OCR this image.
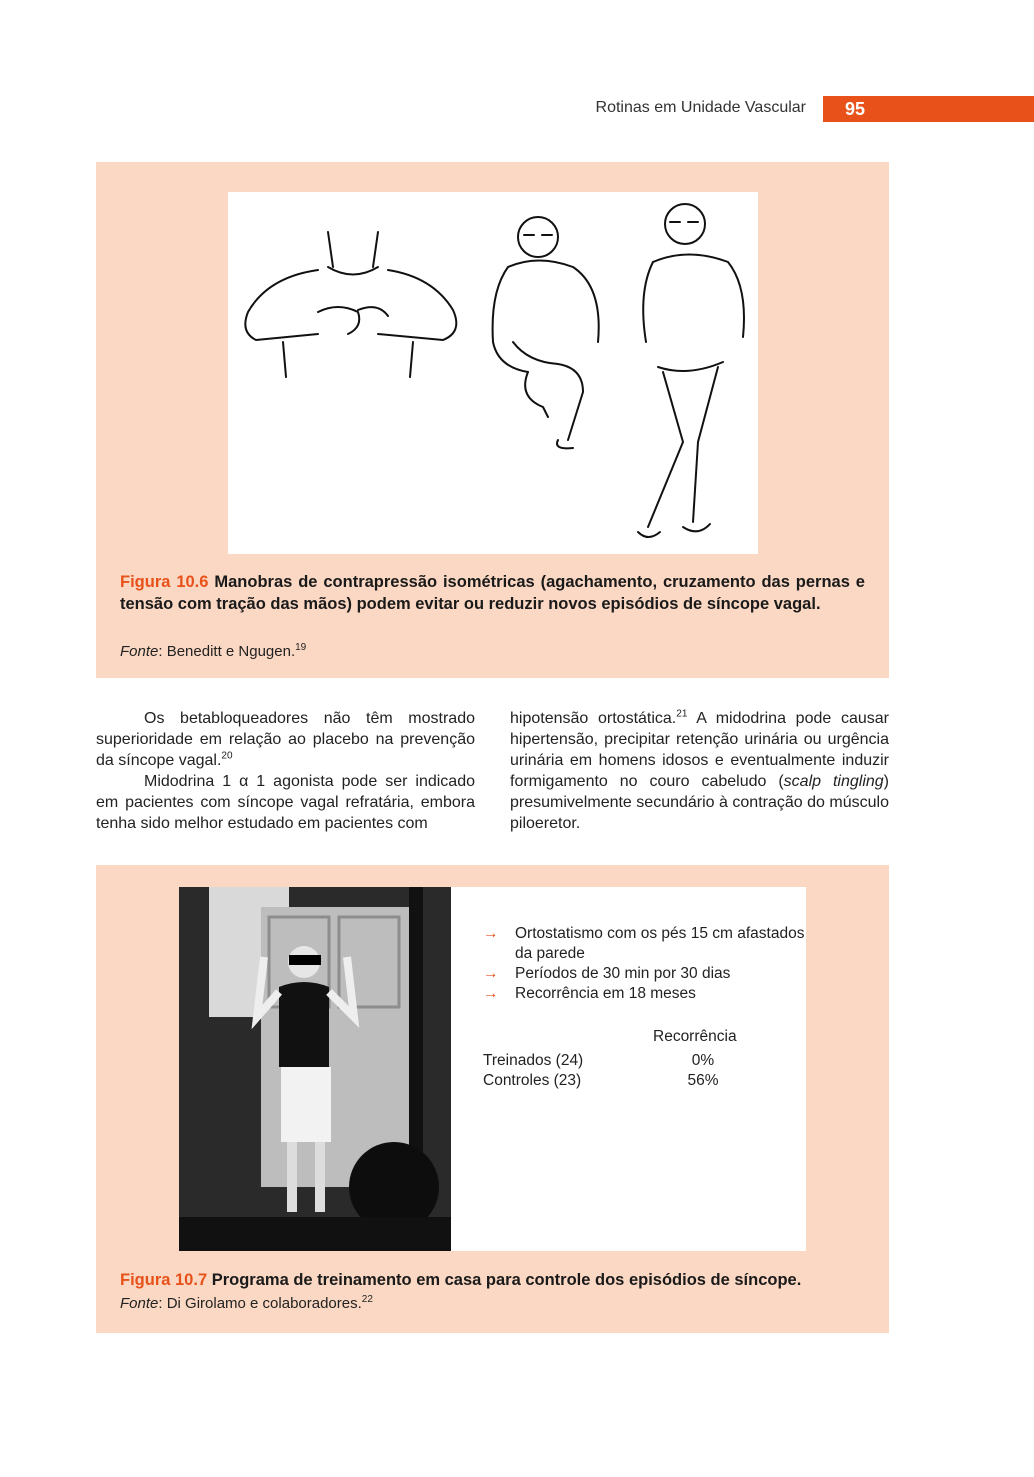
Rotinas em Unidade Vascular	95
Figura 10.6 Manobras de contrapressão isométricas (agachamento, cruzamento das pernas e tensão com tração das mãos) podem evitar ou reduzir novos episódios de síncope vagal.
Fonte: Beneditt e Ngugen.$^{19}$

Os betabloqueadores não têm mostrado superioridade em relação ao placebo na prevenção da síncope vagal.$^{20}$

Midodrina 1 α 1 agonista pode ser indicado em pacientes com síncope vagal refratária, embora tenha sido melhor estudado em pacientes com

hipotensão ortostática.$^{21}$ A midodrina pode causar hipertensão, precipitar retenção urinária ou urgência urinária em homens idosos e eventualmente induzir formigamento no couro cabeludo (scalp tingling) presumivelmente secundário à contração do músculo piloeretor.

→ Ortostatismo com os pés 15 cm afastados da parede
→ Períodos de 30 min por 30 dias
→ Recorrência em 18 meses
Recorrência
Treinados (24)	0%
Controles (23)	56%
Figura 10.7 Programa de treinamento em casa para controle dos episódios de síncope.
Fonte: Di Girolamo e colaboradores.$^{22}$
